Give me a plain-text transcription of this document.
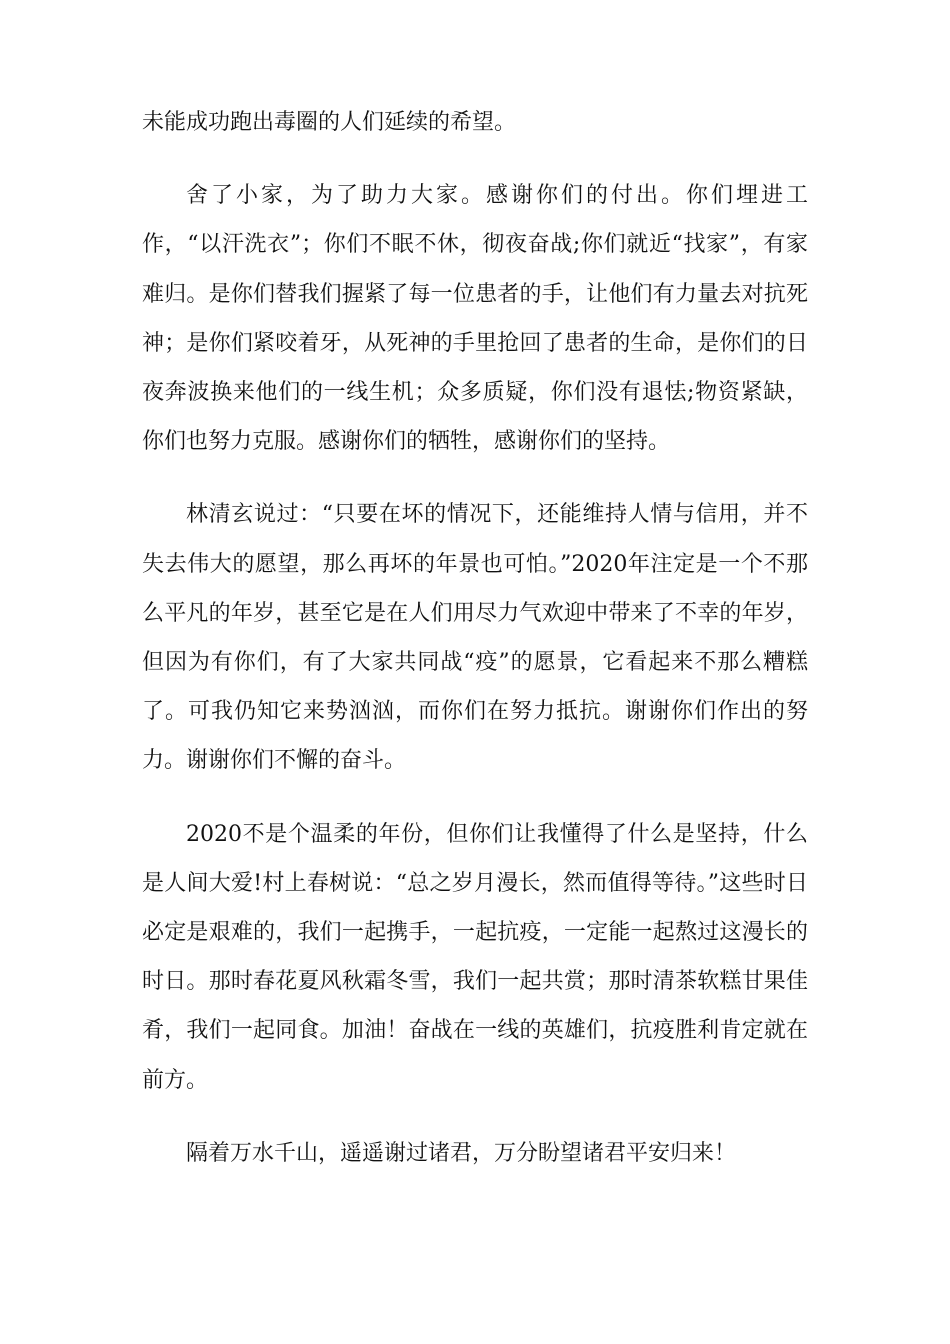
未能成功跑出毒圈的人们延续的希望。

舍了小家，为了助力大家。感谢你们的付出。你们埋进工作，“以汗洗衣”；你们不眠不休，彻夜奋战;你们就近“找家”，有家难归。是你们替我们握紧了每一位患者的手，让他们有力量去对抗死神；是你们紧咬着牙，从死神的手里抢回了患者的生命，是你们的日夜奔波换来他们的一线生机；众多质疑，你们没有退怯;物资紧缺，你们也努力克服。感谢你们的牺牲，感谢你们的坚持。

林清玄说过：“只要在坏的情况下，还能维持人情与信用，并不失去伟大的愿望，那么再坏的年景也可怕。”2020年注定是一个不那么平凡的年岁，甚至它是在人们用尽力气欢迎中带来了不幸的年岁，但因为有你们，有了大家共同战“疫”的愿景，它看起来不那么糟糕了。可我仍知它来势汹汹，而你们在努力抵抗。谢谢你们作出的努力。谢谢你们不懈的奋斗。

2020不是个温柔的年份，但你们让我懂得了什么是坚持，什么是人间大爱!村上春树说：“总之岁月漫长，然而值得等待。”这些时日必定是艰难的，我们一起携手，一起抗疫，一定能一起熬过这漫长的时日。那时春花夏风秋霜冬雪，我们一起共赏；那时清茶软糕甘果佳肴，我们一起同食。加油！奋战在一线的英雄们，抗疫胜利肯定就在前方。

隔着万水千山，遥遥谢过诸君，万分盼望诸君平安归来！
